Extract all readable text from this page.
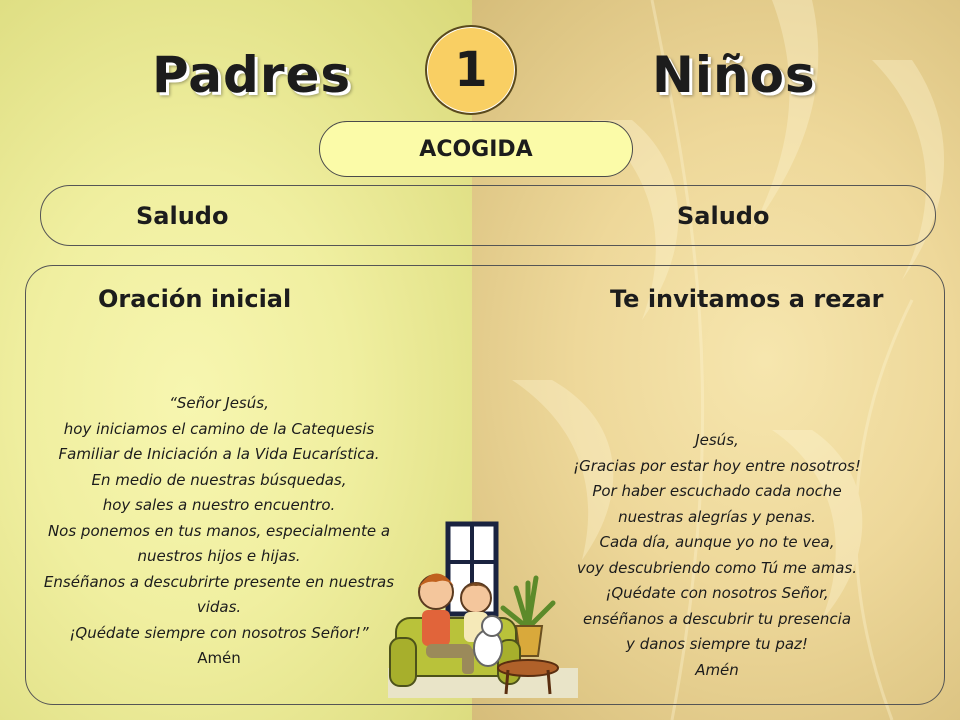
Padres	Niños
1
ACOGIDA
Saludo	Saludo
Oración inicial	Te invitamos a rezar
“Señor Jesús,
hoy iniciamos el camino de la Catequesis
Familiar de Iniciación a la Vida Eucarística.
En medio de nuestras búsquedas,
hoy sales a nuestro encuentro.
Nos ponemos en tus manos, especialmente a
nuestros hijos e hijas.
Enséñanos a descubrirte presente en nuestras
vidas.
¡Quédate siempre con nosotros Señor!”
Amén
Jesús,
¡Gracias por estar hoy entre nosotros!
Por haber escuchado cada noche
nuestras alegrías y penas.
Cada día, aunque yo no te vea,
voy descubriendo como Tú me amas.
¡Quédate con nosotros Señor,
enséñanos a descubrir tu presencia
y danos siempre tu paz!
Amén
